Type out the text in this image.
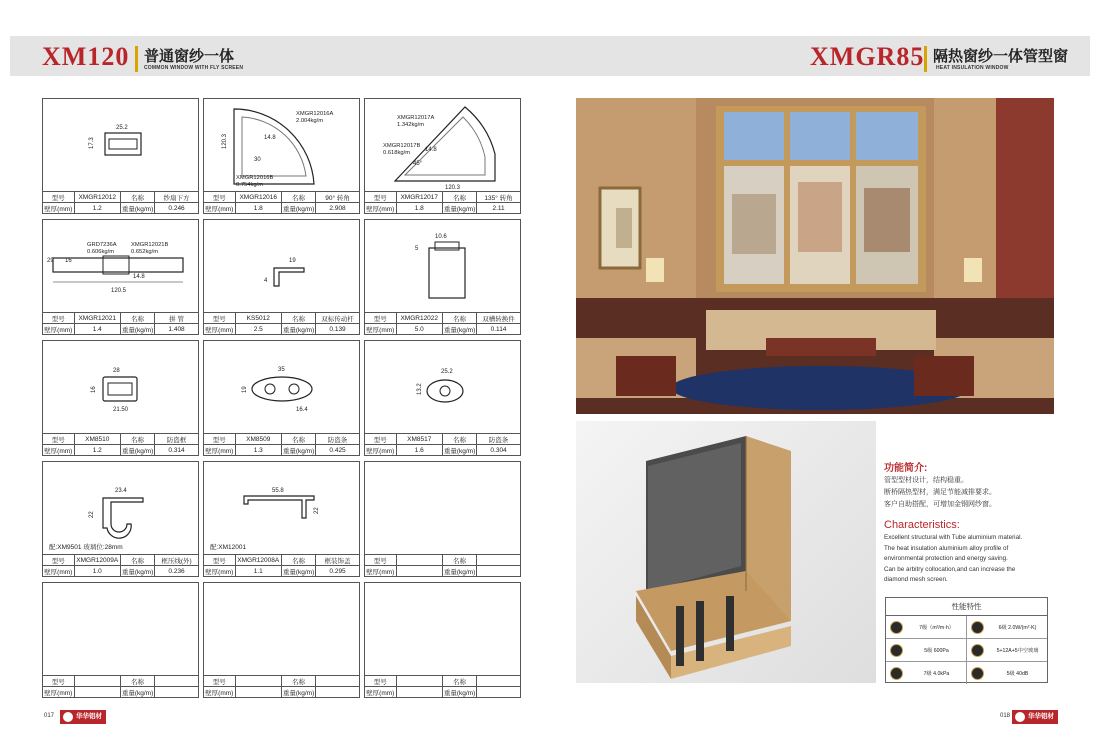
XM120 普通窗纱一体
COMMON WINDOW WITH FLY SCREEN	XMGR85 隔热窗纱一体管型窗
HEAT INSULATION WINDOW
25.2
17.3
型号	XMGR12012	名称	纱扇下方
壁厚(mm)	1.2	重量(kg/m)	0.246
120.3	14.8
30
XMGR12016A
2.004kg/m
XMGR12016B
0.754kg/m
型号	XMGR12016	名称	90° 转角
壁厚(mm)	1.8	重量(kg/m)	2.908
120.3
14.8
45°
XMGR12017A
1.342kg/m
XMGR12017B
0.618kg/m
型号	XMGR12017	名称	135° 转角
壁厚(mm)	1.8	重量(kg/m)	2.11
120.5
14.8
29 16
GRD7236A
0.606kg/m
XMGR12021B
0.652kg/m
型号	XMGR12021	名称	拼 管
壁厚(mm)	1.4	重量(kg/m)	1.408
19
4
型号	KS5012	名称	双标传动杆
壁厚(mm)	2.5	重量(kg/m)	0.139
10.6
5
型号	XMGR12022	名称	双槽转换件
壁厚(mm)	5.0	重量(kg/m)	0.114
28
16
21.50
型号	XM8510	名称	防盗框
壁厚(mm)	1.2	重量(kg/m)	0.314
35
19
16.4
型号	XM8509	名称	防盗条
壁厚(mm)	1.3	重量(kg/m)	0.425
25.2
13.2
型号	XM8517	名称	防盗条
壁厚(mm)	1.6	重量(kg/m)	0.304
23.4
22
配:XM9501 玻璃位:28mm
型号	XMGR12009A	名称	框压线(外)
壁厚(mm)	1.0	重量(kg/m)	0.236
55.8
22
配:XM12001
型号	XMGR12008A	名称	框装饰盖
壁厚(mm)	1.1	重量(kg/m)	0.295
型号		名称	
壁厚(mm)		重量(kg/m)	
型号		名称	
壁厚(mm)		重量(kg/m)	
型号		名称	
壁厚(mm)		重量(kg/m)	
型号		名称	
壁厚(mm)		重量(kg/m)	
功能简介:
管型型材设计，结构稳重。
断桥隔热型材，满足节能减排要求。
客户自助搭配，可增加金钢网纱窗。
Characteristics:
Excellent structural with Tube aluminium material.
The heat insulation aluminium alloy profile of
environmental protection and energy saving.
Can be arbitry collocation,and can increase the
diamond mesh screen.
性能特性
7级（m³/m·h）	6级 2.0W/(m²·K)
5级 600Pa	5+12A+5中空玻璃
7级 4.0kPa	5级 40dB
017	华华铝材	018	华华铝材
